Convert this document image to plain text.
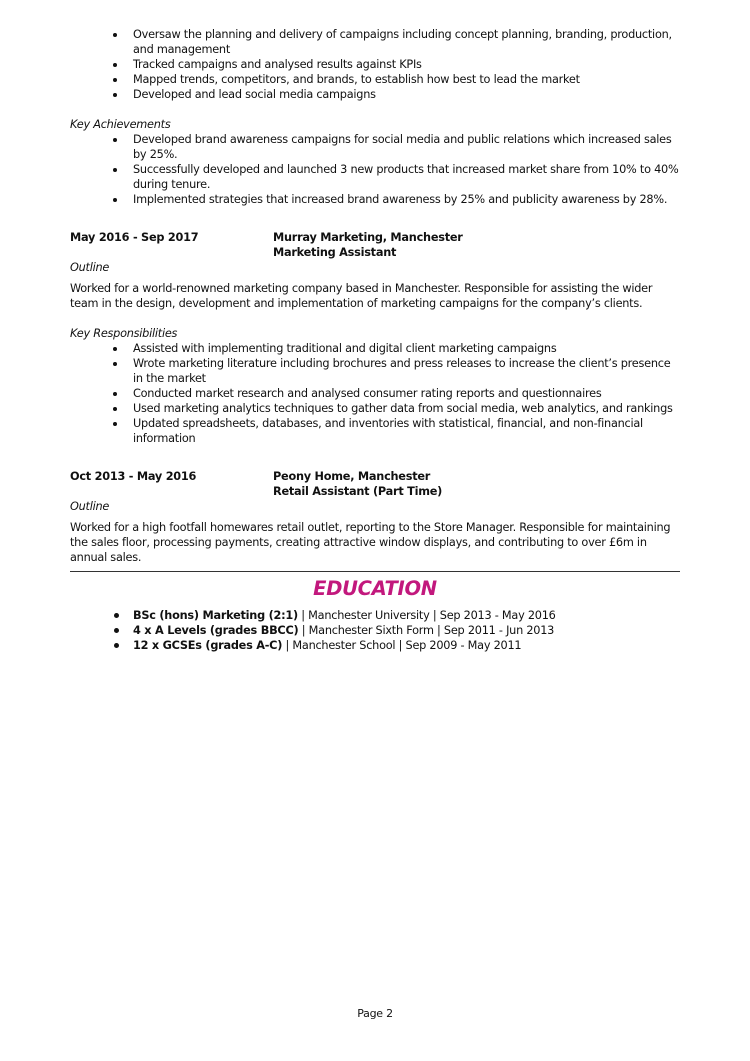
Oversaw the planning and delivery of campaigns including concept planning, branding, production, and management
Tracked campaigns and analysed results against KPIs
Mapped trends, competitors, and brands, to establish how best to lead the market
Developed and lead social media campaigns

Key Achievements

Developed brand awareness campaigns for social media and public relations which increased sales by 25%.
Successfully developed and launched 3 new products that increased market share from 10% to 40% during tenure.
Implemented strategies that increased brand awareness by 25% and publicity awareness by 28%.
May 2016 - Sep 2017	Murray Marketing, Manchester
Marketing Assistant

Outline

Worked for a world-renowned marketing company based in Manchester. Responsible for assisting the wider team in the design, development and implementation of marketing campaigns for the company’s clients.

Key Responsibilities

Assisted with implementing traditional and digital client marketing campaigns
Wrote marketing literature including brochures and press releases to increase the client’s presence in the market
Conducted market research and analysed consumer rating reports and questionnaires
Used marketing analytics techniques to gather data from social media, web analytics, and rankings
Updated spreadsheets, databases, and inventories with statistical, financial, and non-financial information
Oct 2013 - May 2016	Peony Home, Manchester
Retail Assistant (Part Time)

Outline

Worked for a high footfall homewares retail outlet, reporting to the Store Manager. Responsible for maintaining the sales floor, processing payments, creating attractive window displays, and contributing to over £6m in annual sales.

EDUCATION
BSc (hons) Marketing (2:1) | Manchester University | Sep 2013 - May 2016
4 x A Levels (grades BBCC) | Manchester Sixth Form | Sep 2011 - Jun 2013
12 x GCSEs (grades A-C) | Manchester School | Sep 2009 - May 2011
Page 2
